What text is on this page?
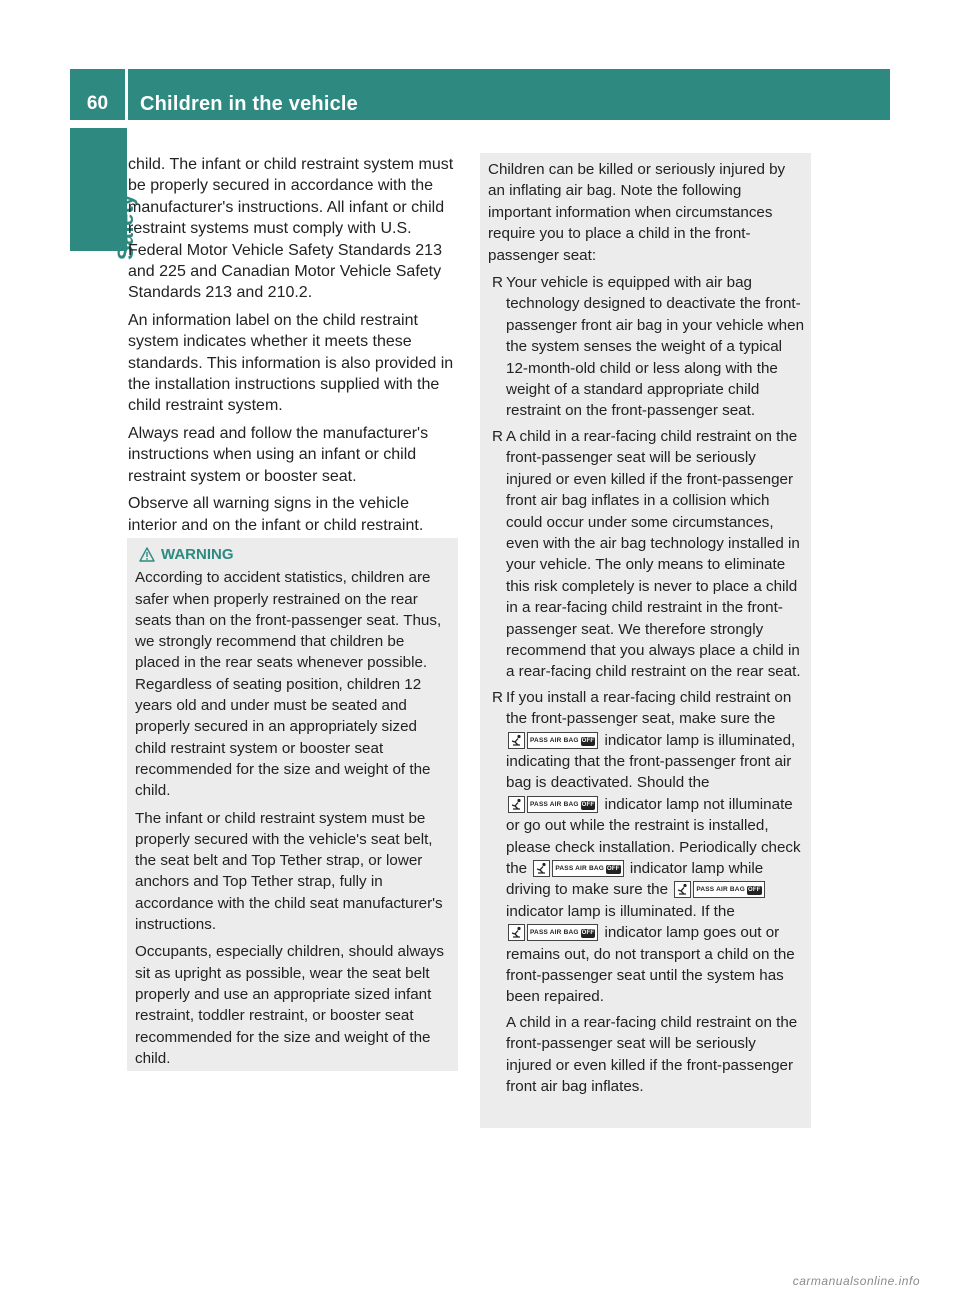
60	Children in the vehicle
Safety

child. The infant or child restraint system must be properly secured in accordance with the manufacturer's instructions. All infant or child restraint systems must comply with U.S. Federal Motor Vehicle Safety Standards 213 and 225 and Canadian Motor Vehicle Safety Standards 213 and 210.2.

An information label on the child restraint system indicates whether it meets these standards. This information is also provided in the installation instructions supplied with the child restraint system.

Always read and follow the manufacturer's instructions when using an infant or child restraint system or booster seat.

Observe all warning signs in the vehicle interior and on the infant or child restraint.

WARNING

According to accident statistics, children are safer when properly restrained on the rear seats than on the front-passenger seat. Thus, we strongly recommend that children be placed in the rear seats whenever possible. Regardless of seating position, children 12 years old and under must be seated and properly secured in an appropriately sized child restraint system or booster seat recommended for the size and weight of the child.

The infant or child restraint system must be properly secured with the vehicle's seat belt, the seat belt and Top Tether strap, or lower anchors and Top Tether strap, fully in accordance with the child seat manufacturer's instructions.

Occupants, especially children, should always sit as upright as possible, wear the seat belt properly and use an appropriate sized infant restraint, toddler restraint, or booster seat recommended for the size and weight of the child.

Children can be killed or seriously injured by an inflating air bag. Note the following important information when circumstances require you to place a child in the front-passenger seat:

R Your vehicle is equipped with air bag technology designed to deactivate the front-passenger front air bag in your vehicle when the system senses the weight of a typical 12-month-old child or less along with the weight of a standard appropriate child restraint on the front-passenger seat.
R A child in a rear-facing child restraint on the front-passenger seat will be seriously injured or even killed if the front-passenger front air bag inflates in a collision which could occur under some circumstances, even with the air bag technology installed in your vehicle. The only means to eliminate this risk completely is never to place a child in a rear-facing child restraint in the front-passenger seat. We therefore strongly recommend that you always place a child in a rear-facing child restraint on the rear seat.
R If you install a rear-facing child restraint on the front-passenger seat, make sure the
PASS AIR BAG OFF indicator lamp is illuminated, indicating that the front-passenger front air bag is deactivated. Should the
PASS AIR BAG OFF indicator lamp not illuminate or go out while the restraint is installed, please check installation. Periodically check the	PASS AIR BAG OFF indicator lamp while driving to make sure the	PASS AIR BAG OFF
indicator lamp is illuminated. If the
PASS AIR BAG OFF indicator lamp goes out or remains out, do not transport a child on the front-passenger seat until the system has been repaired.

A child in a rear-facing child restraint on the front-passenger seat will be seriously injured or even killed if the front-passenger front air bag inflates.

carmanualsonline.info
